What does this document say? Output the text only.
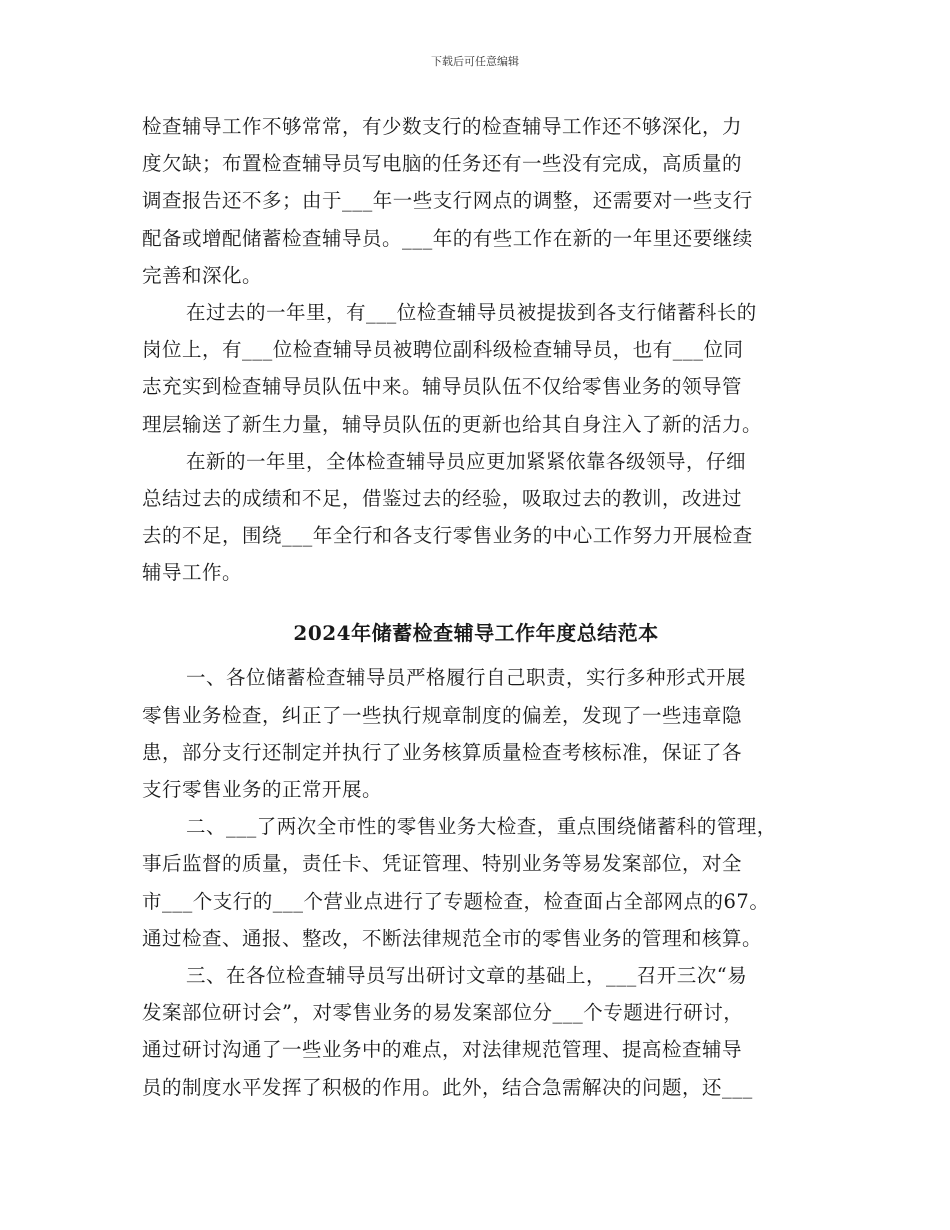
下载后可任意编辑
检查辅导工作不够常常，有少数支行的检查辅导工作还不够深化，力
度欠缺；布置检查辅导员写电脑的任务还有一些没有完成，高质量的
调查报告还不多；由于___年一些支行网点的调整，还需要对一些支行
配备或增配储蓄检查辅导员。___年的有些工作在新的一年里还要继续
完善和深化。
在过去的一年里，有___位检查辅导员被提拔到各支行储蓄科长的
岗位上，有___位检查辅导员被聘位副科级检查辅导员，也有___位同
志充实到检查辅导员队伍中来。辅导员队伍不仅给零售业务的领导管
理层输送了新生力量，辅导员队伍的更新也给其自身注入了新的活力。
在新的一年里，全体检查辅导员应更加紧紧依靠各级领导，仔细
总结过去的成绩和不足，借鉴过去的经验，吸取过去的教训，改进过
去的不足，围绕___年全行和各支行零售业务的中心工作努力开展检查
辅导工作。
2024年储蓄检查辅导工作年度总结范本
一、各位储蓄检查辅导员严格履行自己职责，实行多种形式开展
零售业务检查，纠正了一些执行规章制度的偏差，发现了一些违章隐
患，部分支行还制定并执行了业务核算质量检查考核标准，保证了各
支行零售业务的正常开展。
二、___了两次全市性的零售业务大检查，重点围绕储蓄科的管理，
事后监督的质量，责任卡、凭证管理、特别业务等易发案部位，对全
市___个支行的___个营业点进行了专题检查，检查面占全部网点的67。
通过检查、通报、整改，不断法律规范全市的零售业务的管理和核算。
三、在各位检查辅导员写出研讨文章的基础上，___召开三次“易
发案部位研讨会”，对零售业务的易发案部位分___个专题进行研讨，
通过研讨沟通了一些业务中的难点，对法律规范管理、提高检查辅导
员的制度水平发挥了积极的作用。此外，结合急需解决的问题，还___
